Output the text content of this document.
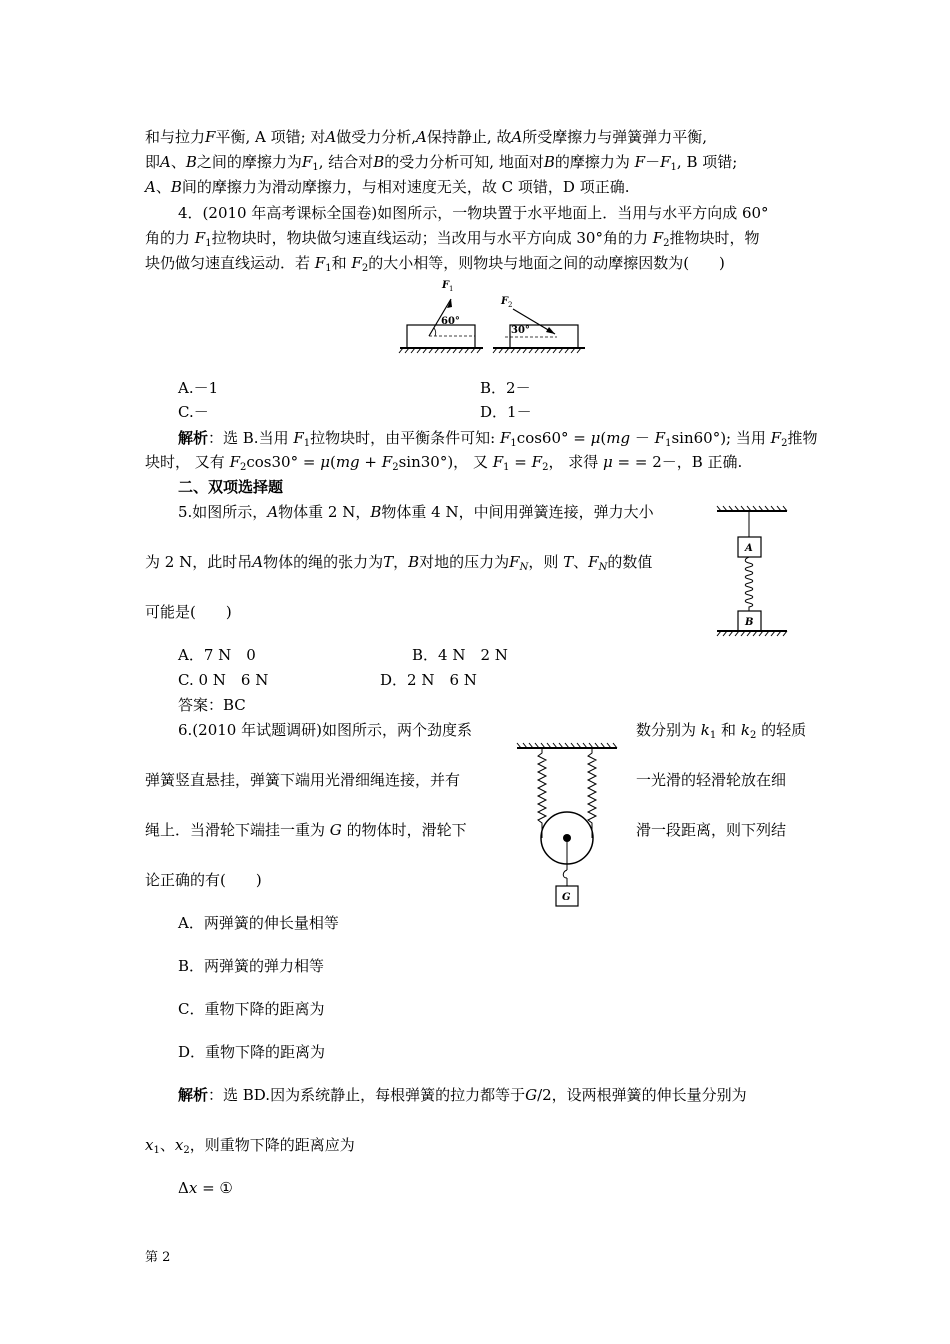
和与拉力F平衡, A 项错; 对A做受力分析,A保持静止, 故A所受摩擦力与弹簧弹力平衡,
即A、B之间的摩擦力为$F_1$, 结合对B的受力分析可知, 地面对B的摩擦力为 $F-F_1$, B 项错;
A、B间的摩擦力为滑动摩擦力，与相对速度无关，故 C 项错，D 项正确.
4．(2010 年高考课标全国卷)如图所示，一物块置于水平地面上．当用与水平方向成 60°
角的力 $F_1$拉物块时，物块做匀速直线运动；当改用与水平方向成 30°角的力 $F_2$推物块时，物
块仍做匀速直线运动．若 $F_1$和 $F_2$的大小相等，则物块与地面之间的动摩擦因数为(　　)
60°
F 1
30°
F 2
A.－1	B．2－
C.－	D．1－
解析：选 B.当用 $F_1$拉物块时，由平衡条件可知: $F_1\cos 60^\circ = \mu(mg - F_1\sin 60^\circ)$; 当用 $F_2$推物
块时， 又有 $F_2\cos 30^\circ = \mu(mg + F_2\sin 30^\circ)$， 又 $F_1 = F_2$， 求得 μ = = 2－，B 正确.
二、双项选择题
5.如图所示，A物体重 2 N，B物体重 4 N，中间用弹簧连接，弹力大小
为 2 N，此时吊A物体的绳的张力为T，B对地的压力为$F_N$，则 T、$F_N$的数值
可能是(　　)
A
B
A．7 N　0	B．4 N　2 N
C. 0 N　6 N	D．2 N　6 N
答案：BC
6.(2010 年试题调研)如图所示，两个劲度系	数分别为 $k_1$ 和 $k_2$ 的轻质
弹簧竖直悬挂，弹簧下端用光滑细绳连接，并有	一光滑的轻滑轮放在细
绳上．当滑轮下端挂一重为 G 的物体时，滑轮下	滑一段距离，则下列结
论正确的有(　　)
G
A．两弹簧的伸长量相等
B．两弹簧的弹力相等
C．重物下降的距离为
D．重物下降的距离为
解析：选 BD.因为系统静止，每根弹簧的拉力都等于G/2，设两根弹簧的伸长量分别为
$x_1$、$x_2$，则重物下降的距离应为
Δx = ①
第 2
